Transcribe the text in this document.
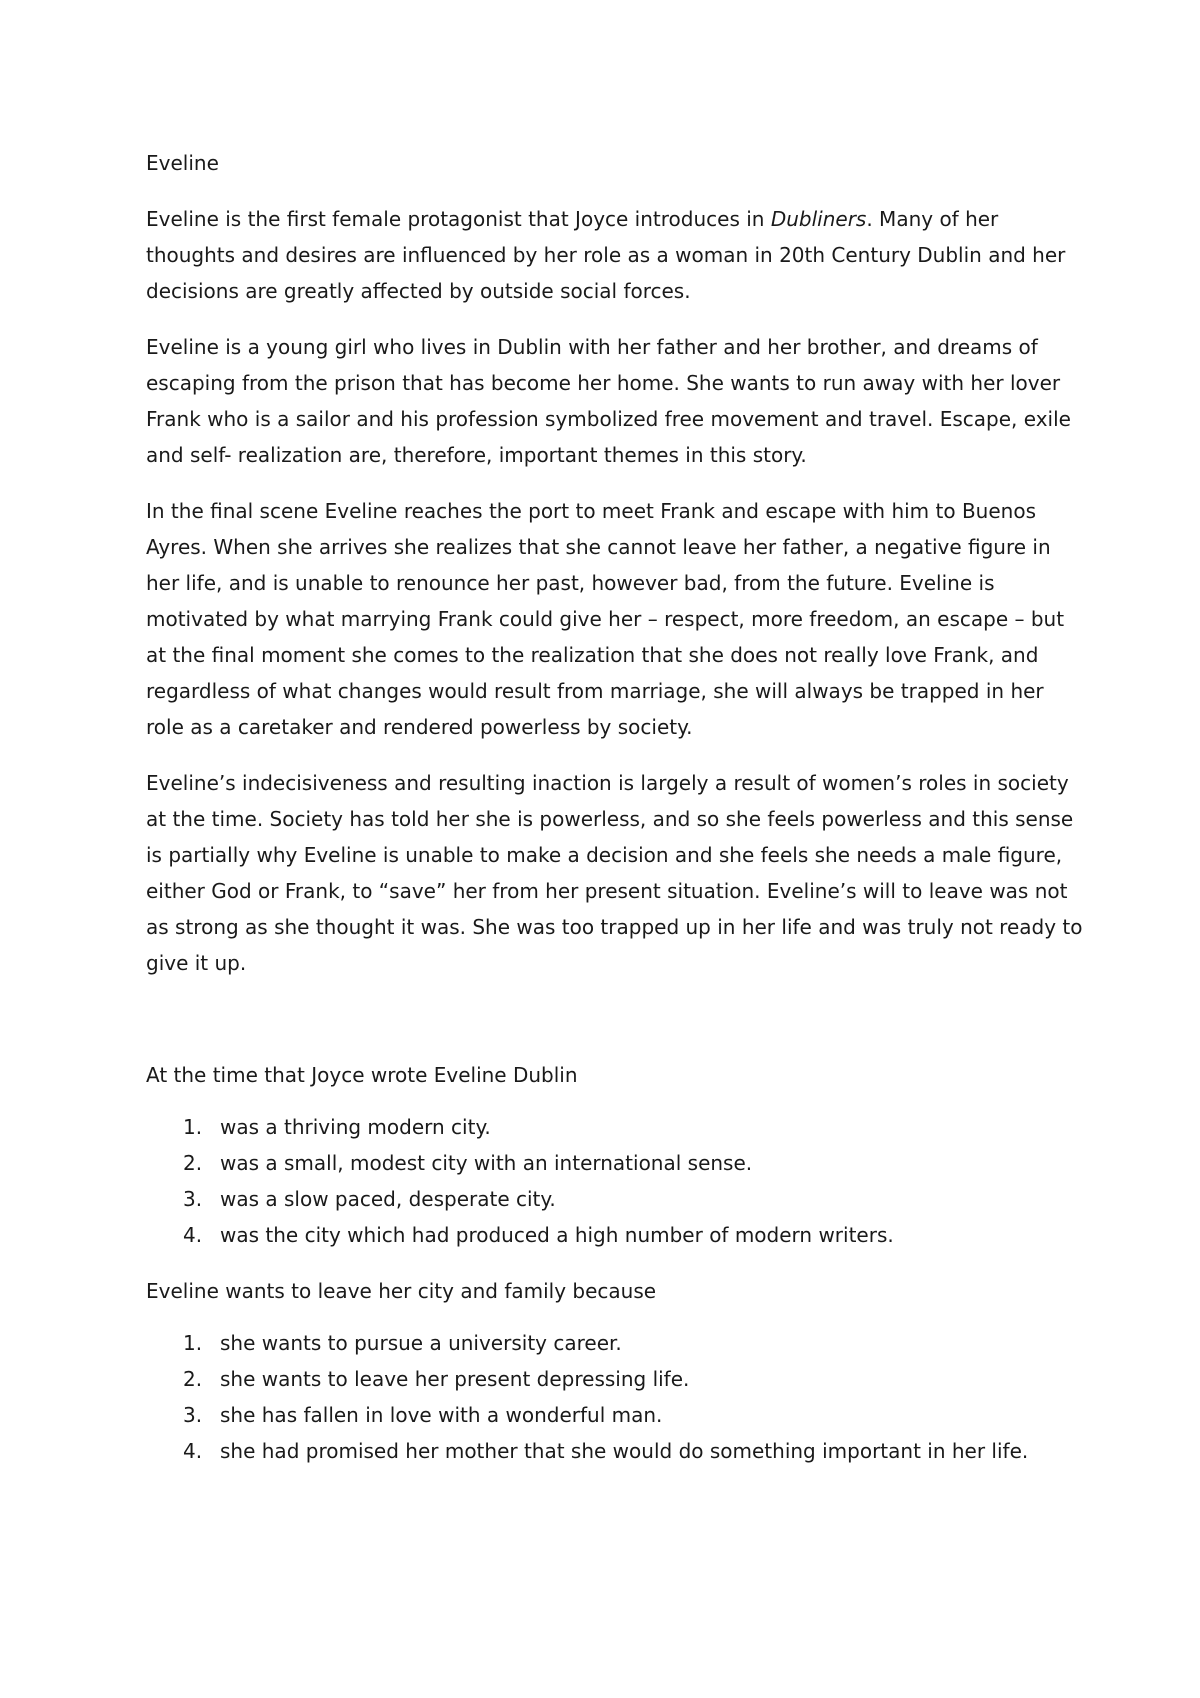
Eveline

Eveline is the first female protagonist that Joyce introduces in Dubliners. Many of her thoughts and desires are influenced by her role as a woman in 20th Century Dublin and her decisions are greatly affected by outside social forces.

Eveline is a young girl who lives in Dublin with her father and her brother, and dreams of escaping from the prison that has become her home. She wants to run away with her lover Frank who is a sailor and his profession symbolized free movement and travel. Escape, exile and self- realization are, therefore, important themes in this story.

In the final scene Eveline reaches the port to meet Frank and escape with him to Buenos Ayres. When she arrives she realizes that she cannot leave her father, a negative figure in her life, and is unable to renounce her past, however bad, from the future. Eveline is motivated by what marrying Frank could give her – respect, more freedom, an escape – but at the final moment she comes to the realization that she does not really love Frank, and regardless of what changes would result from marriage, she will always be trapped in her role as a caretaker and rendered powerless by society.

Eveline’s indecisiveness and resulting inaction is largely a result of women’s roles in society at the time. Society has told her she is powerless, and so she feels powerless and this sense is partially why Eveline is unable to make a decision and she feels she needs a male figure, either God or Frank, to “save” her from her present situation. Eveline’s will to leave was not as strong as she thought it was. She was too trapped up in her life and was truly not ready to give it up.

At the time that Joyce wrote Eveline Dublin

1. was a thriving modern city.
2. was a small, modest city with an international sense.
3. was a slow paced, desperate city.
4. was the city which had produced a high number of modern writers.

Eveline wants to leave her city and family because

1. she wants to pursue a university career.
2. she wants to leave her present depressing life.
3. she has fallen in love with a wonderful man.
4. she had promised her mother that she would do something important in her life.
